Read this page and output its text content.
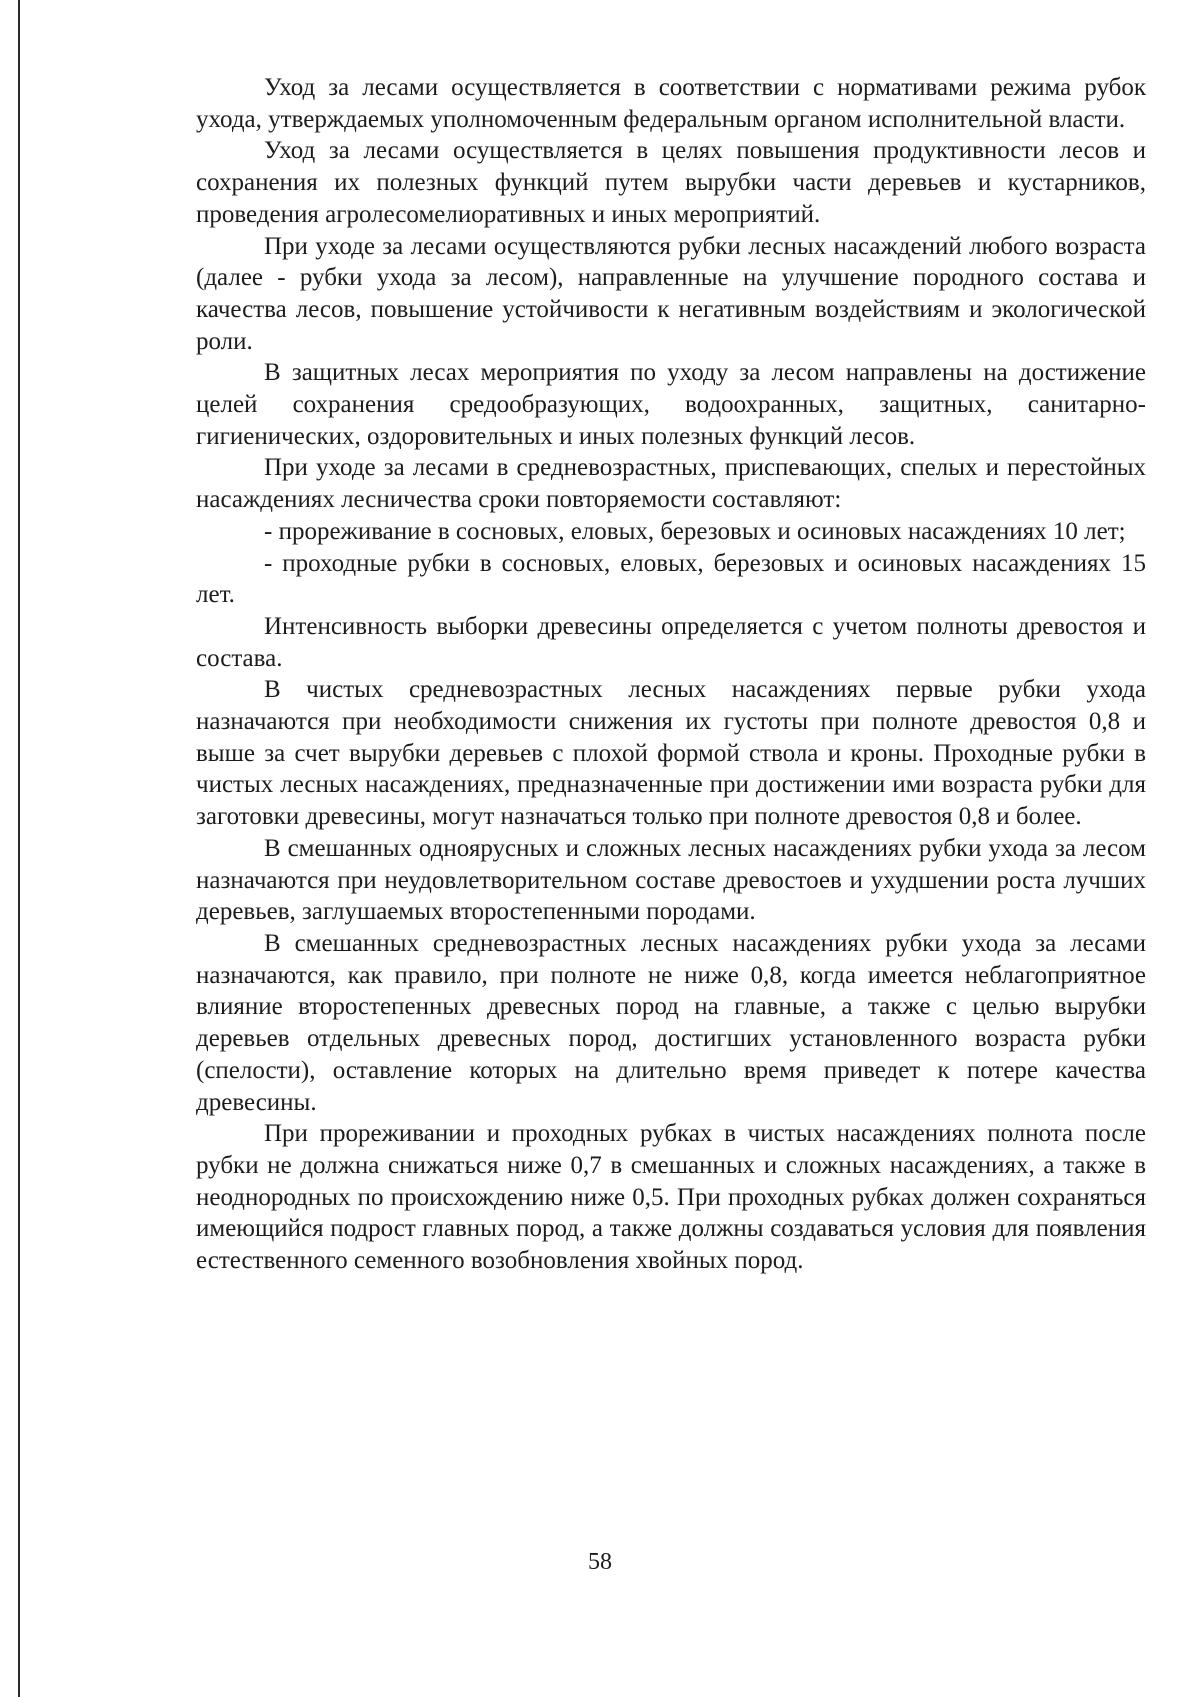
Уход за лесами осуществляется в соответствии с нормативами режима рубок ухода, утверждаемых уполномоченным федеральным органом исполнительной власти.

Уход за лесами осуществляется в целях повышения продуктивности лесов и сохранения их полезных функций путем вырубки части деревьев и кустарников, проведения агролесомелиоративных и иных мероприятий.

При уходе за лесами осуществляются рубки лесных насаждений любого возраста (далее - рубки ухода за лесом), направленные на улучшение породного состава и качества лесов, повышение устойчивости к негативным воздействиям и экологической роли.

В защитных лесах мероприятия по уходу за лесом направлены на достижение целей сохранения средообразующих, водоохранных, защитных, санитарно-гигиенических, оздоровительных и иных полезных функций лесов.

При уходе за лесами в средневозрастных, приспевающих, спелых и перестойных насаждениях лесничества сроки повторяемости составляют:

- прореживание в сосновых, еловых, березовых и осиновых насаждениях 10 лет;

- проходные рубки в сосновых, еловых, березовых и осиновых насаждениях 15 лет.

Интенсивность выборки древесины определяется с учетом полноты древостоя и состава.

В чистых средневозрастных лесных насаждениях первые рубки ухода назначаются при необходимости снижения их густоты при полноте древостоя 0,8 и выше за счет вырубки деревьев с плохой формой ствола и кроны. Проходные рубки в чистых лесных насаждениях, предназначенные при достижении ими возраста рубки для заготовки древесины, могут назначаться только при полноте древостоя 0,8 и более.

В смешанных одноярусных и сложных лесных насаждениях рубки ухода за лесом назначаются при неудовлетворительном составе древостоев и ухудшении роста лучших деревьев, заглушаемых второстепенными породами.

В смешанных средневозрастных лесных насаждениях рубки ухода за лесами назначаются, как правило, при полноте не ниже 0,8, когда имеется неблагоприятное влияние второстепенных древесных пород на главные, а также с целью вырубки деревьев отдельных древесных пород, достигших установленного возраста рубки (спелости), оставление которых на длительно время приведет к потере качества древесины.

При прореживании и проходных рубках в чистых насаждениях полнота после рубки не должна снижаться ниже 0,7 в смешанных и сложных насаждениях, а также в неоднородных по происхождению ниже 0,5. При проходных рубках должен сохраняться имеющийся подрост главных пород, а также должны создаваться условия для появления естественного семенного возобновления хвойных пород.

58
